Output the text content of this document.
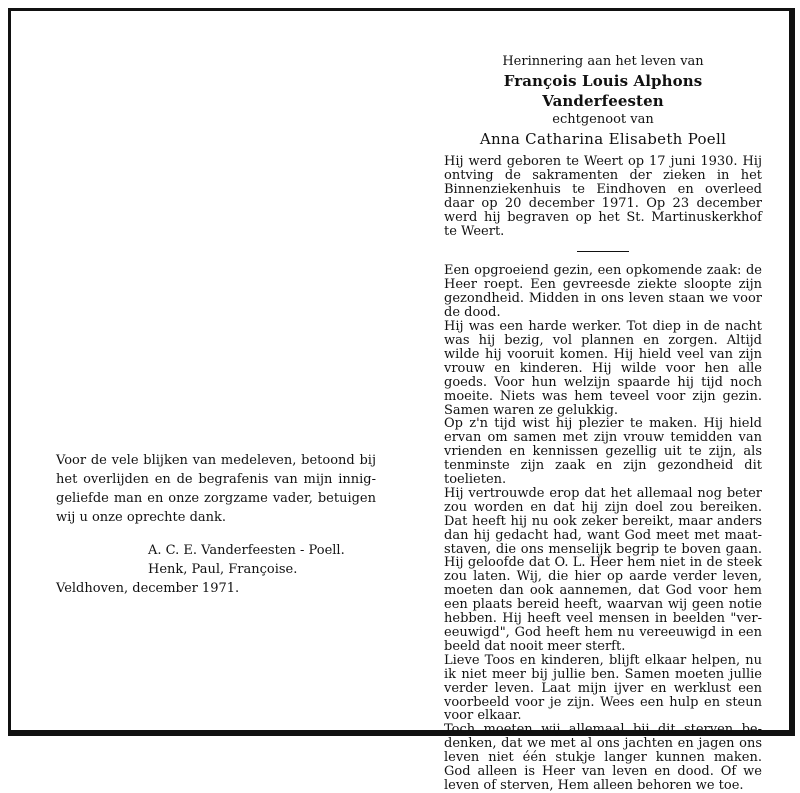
Voor de vele blijken van medeleven, betoond bij het overlijden en de begrafenis van mijn inniggeliefde man en onze zorgzame vader, betuigen wij u onze oprechte dank.

A. C. E. Vanderfeesten - Poell.

Henk, Paul, Françoise.

Veldhoven, december 1971.

Herinnering aan het leven van
François Louis Alphons Vanderfeesten
echtgenoot van
Anna Catharina Elisabeth Poell

Hij werd geboren te Weert op 17 juni 1930. Hij ontving de sakramenten der zieken in het Binnenziekenhuis te Eindhoven en overleed daar op 20 december 1971. Op 23 december werd hij begraven op het St. Martinuskerkhof te Weert.

Een opgroeiend gezin, een opkomende zaak: de Heer roept. Een gevreesde ziekte sloopte zijn gezondheid. Midden in ons leven staan we voor de dood.

Hij was een harde werker. Tot diep in de nacht was hij bezig, vol plannen en zorgen. Altijd wilde hij vooruit komen. Hij hield veel van zijn vrouw en kinderen. Hij wilde voor hen alle goeds. Voor hun welzijn spaarde hij tijd noch moeite. Niets was hem teveel voor zijn gezin. Samen waren ze gelukkig.

Op z'n tijd wist hij plezier te maken. Hij hield ervan om samen met zijn vrouw temidden van vrienden en kennissen gezellig uit te zijn, als tenminste zijn zaak en zijn gezondheid dit toelieten.

Hij vertrouwde erop dat het allemaal nog beter zou worden en dat hij zijn doel zou bereiken. Dat heeft hij nu ook zeker bereikt, maar anders dan hij gedacht had, want God meet met maatstaven, die ons menselijk begrip te boven gaan. Hij geloofde dat O. L. Heer hem niet in de steek zou laten. Wij, die hier op aarde verder leven, moeten dan ook aannemen, dat God voor hem een plaats bereid heeft, waarvan wij geen notie hebben. Hij heeft veel mensen in beelden "vereeuwigd", God heeft hem nu vereeuwigd in een beeld dat nooit meer sterft.

Lieve Toos en kinderen, blijft elkaar helpen, nu ik niet meer bij jullie ben. Samen moeten jullie verder leven. Laat mijn ijver en werklust een voorbeeld voor je zijn. Wees een hulp en steun voor elkaar.

Toch moeten wij allemaal bij dit sterven bedenken, dat we met al ons jachten en jagen ons leven niet één stukje langer kunnen maken. God alleen is Heer van leven en dood. Of we leven of sterven, Hem alleen behoren we toe.
